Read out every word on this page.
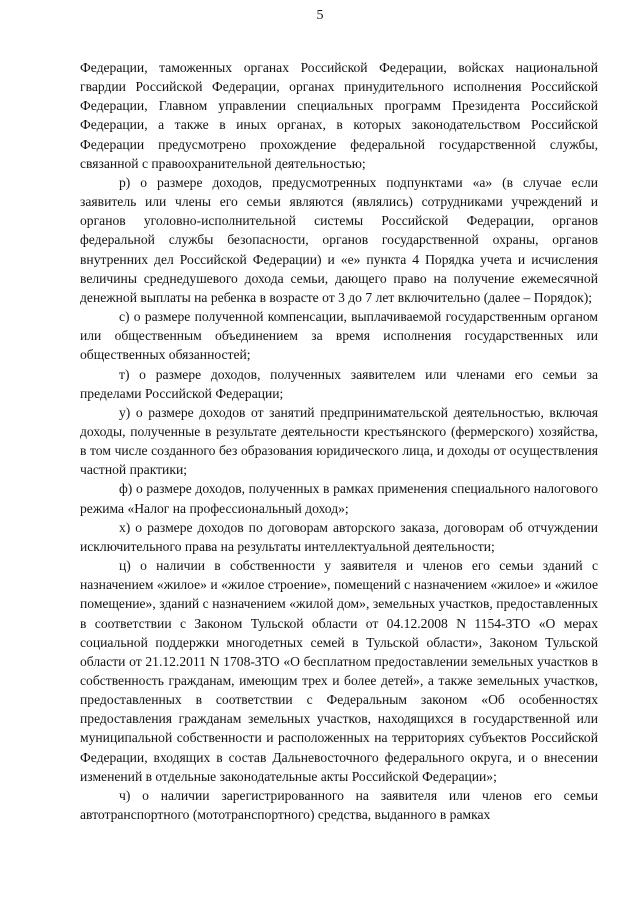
5

Федерации, таможенных органах Российской Федерации, войсках национальной гвардии Российской Федерации, органах принудительного исполнения Российской Федерации, Главном управлении специальных программ Президента Российской Федерации, а также в иных органах, в которых законодательством Российской Федерации предусмотрено прохождение федеральной государственной службы, связанной с правоохранительной деятельностью;

р) о размере доходов, предусмотренных подпунктами «а» (в случае если заявитель или члены его семьи являются (являлись) сотрудниками учреждений и органов уголовно-исполнительной системы Российской Федерации, органов федеральной службы безопасности, органов государственной охраны, органов внутренних дел Российской Федерации) и «е» пункта 4 Порядка учета и исчисления величины среднедушевого дохода семьи, дающего право на получение ежемесячной денежной выплаты на ребенка в возрасте от 3 до 7 лет включительно (далее – Порядок);

с) о размере полученной компенсации, выплачиваемой государственным органом или общественным объединением за время исполнения государственных или общественных обязанностей;

т) о размере доходов, полученных заявителем или членами его семьи за пределами Российской Федерации;

у) о размере доходов от занятий предпринимательской деятельностью, включая доходы, полученные в результате деятельности крестьянского (фермерского) хозяйства, в том числе созданного без образования юридического лица, и доходы от осуществления частной практики;

ф) о размере доходов, полученных в рамках применения специального налогового режима «Налог на профессиональный доход»;

х) о размере доходов по договорам авторского заказа, договорам об отчуждении исключительного права на результаты интеллектуальной деятельности;

ц) о наличии в собственности у заявителя и членов его семьи зданий с назначением «жилое» и «жилое строение», помещений с назначением «жилое» и «жилое помещение», зданий с назначением «жилой дом», земельных участков, предоставленных в соответствии с Законом Тульской области от 04.12.2008 N 1154-ЗТО «О мерах социальной поддержки многодетных семей в Тульской области», Законом Тульской области от 21.12.2011 N 1708-ЗТО «О бесплатном предоставлении земельных участков в собственность гражданам, имеющим трех и более детей», а также земельных участков, предоставленных в соответствии с Федеральным законом «Об особенностях предоставления гражданам земельных участков, находящихся в государственной или муниципальной собственности и расположенных на территориях субъектов Российской Федерации, входящих в состав Дальневосточного федерального округа, и о внесении изменений в отдельные законодательные акты Российской Федерации»;

ч) о наличии зарегистрированного на заявителя или членов его семьи автотранспортного (мототранспортного) средства, выданного в рамках
